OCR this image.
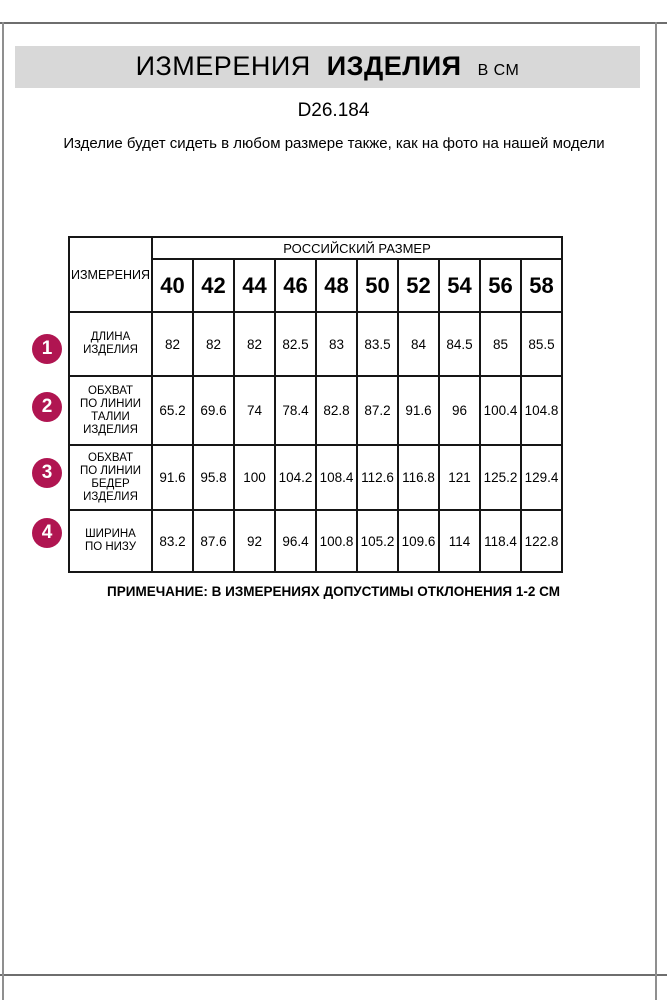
ИЗМЕРЕНИЯ ИЗДЕЛИЯ В СМ
D26.184

Изделие будет сидеть в любом размере также, как на фото на нашей модели

1
2
3
4
ИЗМЕРЕНИЯ	РОССИЙСКИЙ РАЗМЕР									
	40	42	44	46	48	50	52	54	56	58
ДЛИНА ИЗДЕЛИЯ	82	82	82	82.5	83	83.5	84	84.5	85	85.5
ОБХВАТ ПО ЛИНИИ ТАЛИИ ИЗДЕЛИЯ	65.2	69.6	74	78.4	82.8	87.2	91.6	96	100.4	104.8
ОБХВАТ ПО ЛИНИИ БЕДЕР ИЗДЕЛИЯ	91.6	95.8	100	104.2	108.4	112.6	116.8	121	125.2	129.4
ШИРИНА ПО НИЗУ	83.2	87.6	92	96.4	100.8	105.2	109.6	114	118.4	122.8

ПРИМЕЧАНИЕ: В ИЗМЕРЕНИЯХ ДОПУСТИМЫ ОТКЛОНЕНИЯ 1-2 СМ
